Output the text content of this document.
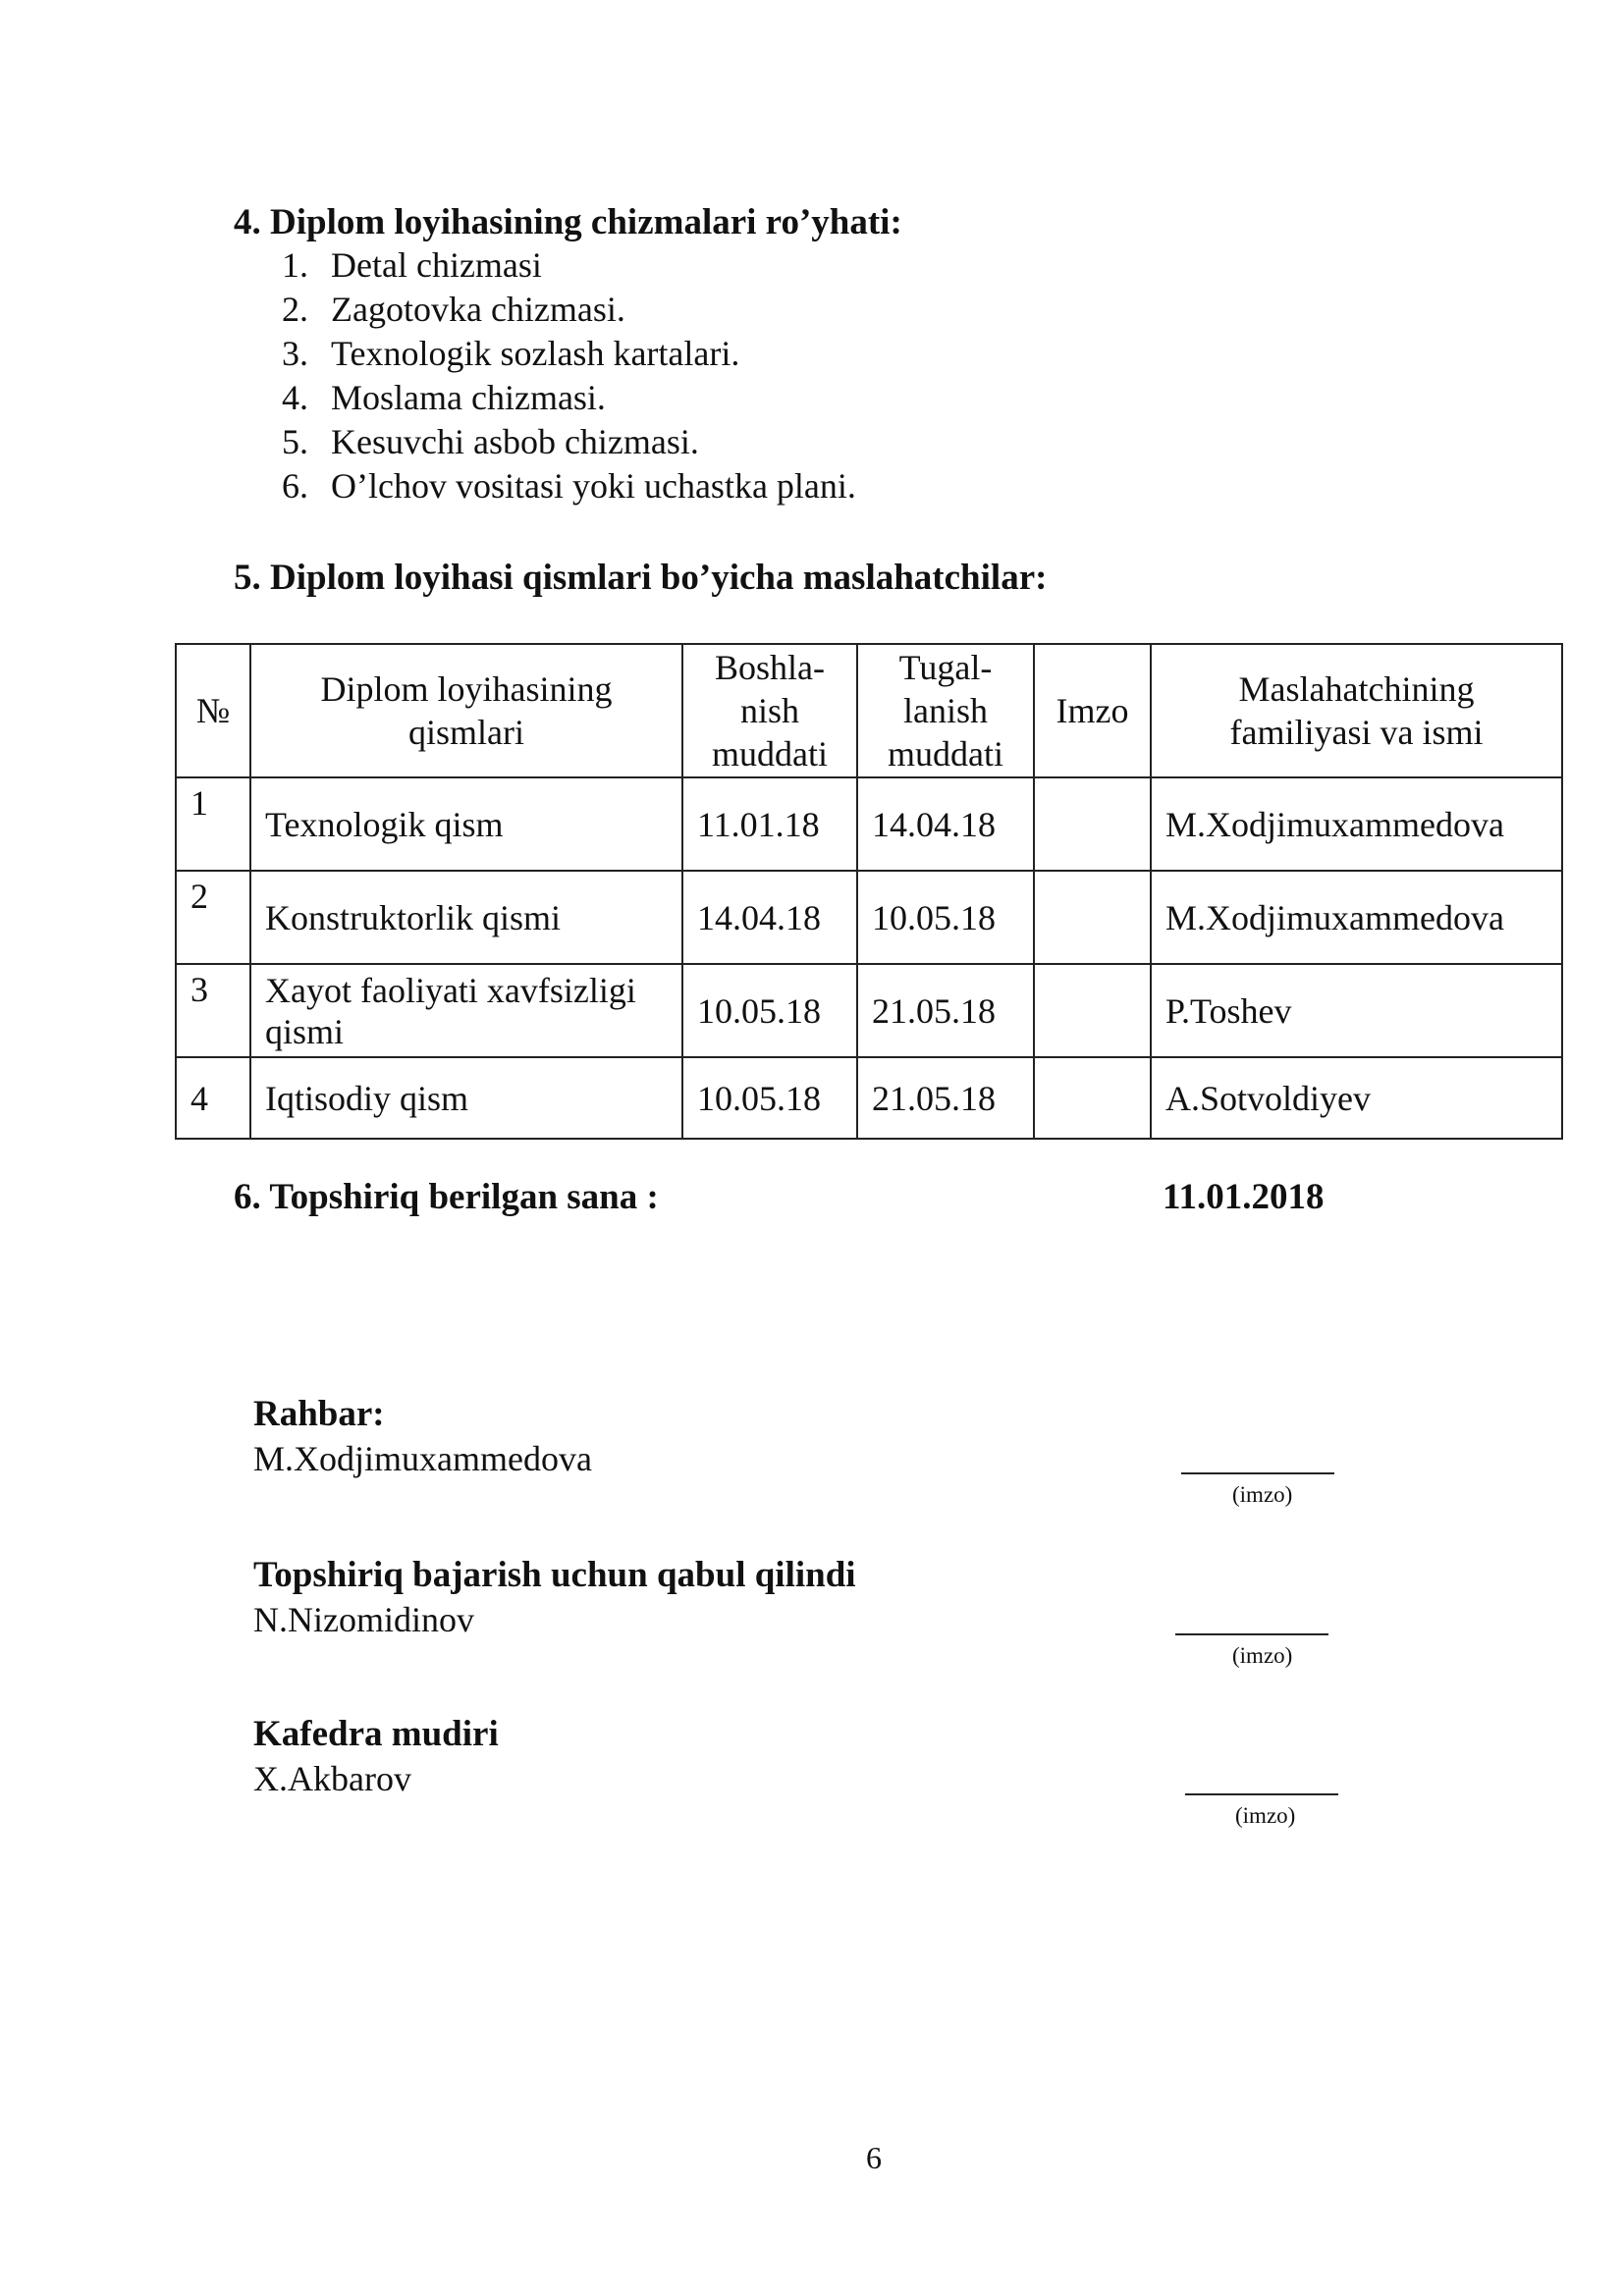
4. Diplom loyihasining chizmalari ro’yhati:
1. Detal chizmasi
2. Zagotovka chizmasi.
3. Texnologik sozlash kartalari.
4. Moslama chizmasi.
5. Kesuvchi asbob chizmasi.
6. O’lchov vositasi yoki uchastka plani.
5. Diplom loyihasi qismlari bo’yicha maslahatchilar:
№	Diplom loyihasining qismlari	Boshla-nish muddati	Tugal-lanish muddati	Imzo	Maslahatchining familiyasi va ismi
1	Texnologik qism	11.01.18	14.04.18		M.Xodjimuxammedova
2	Konstruktorlik qismi	14.04.18	10.05.18		M.Xodjimuxammedova
3	Xayot faoliyati xavfsizligi qismi	10.05.18	21.05.18		P.Toshev
4	Iqtisodiy qism	10.05.18	21.05.18		A.Sotvoldiyev
6. Topshiriq berilgan sana :	11.01.2018
Rahbar:
M.Xodjimuxammedova
(imzo)
Topshiriq bajarish uchun qabul qilindi
N.Nizomidinov
(imzo)
Kafedra mudiri
X.Akbarov
(imzo)
6
